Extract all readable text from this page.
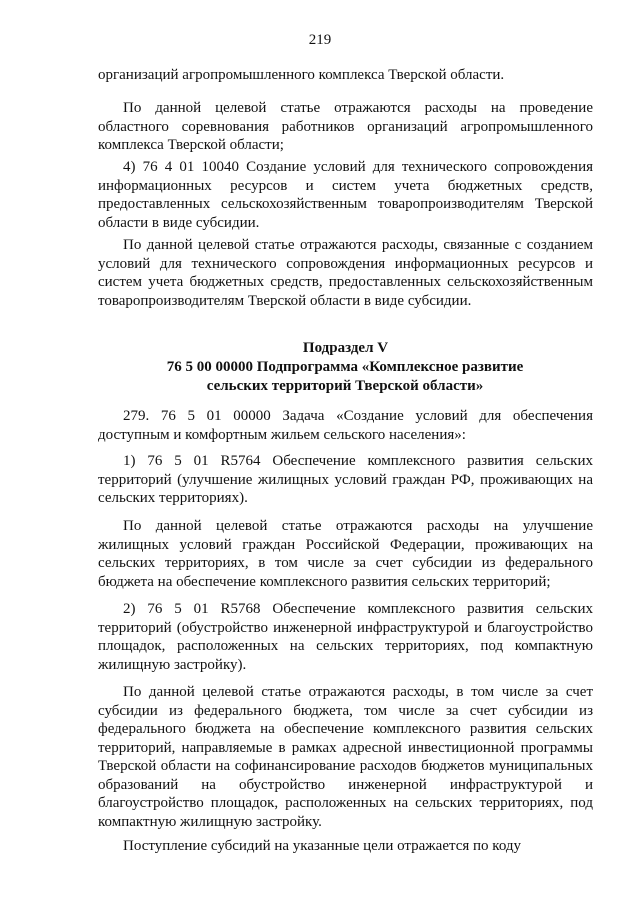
219

организаций агропромышленного комплекса Тверской области.

По данной целевой статье отражаются расходы на проведение областного соревнования работников организаций агропромышленного комплекса Тверской области;

4) 76 4 01 10040 Создание условий для технического сопровождения информационных ресурсов и систем учета бюджетных средств, предоставленных сельскохозяйственным товаропроизводителям Тверской области в виде субсидии.

По данной целевой статье отражаются расходы, связанные с созданием условий для технического сопровождения информационных ресурсов и систем учета бюджетных средств, предоставленных сельскохозяйственным товаропроизводителям Тверской области в виде субсидии.

Подраздел V

76 5 00 00000 Подпрограмма «Комплексное развитие сельских территорий Тверской области»

279. 76 5 01 00000 Задача «Создание условий для обеспечения доступным и комфортным жильем сельского населения»:

1) 76 5 01 R5764 Обеспечение комплексного развития сельских территорий (улучшение жилищных условий граждан РФ, проживающих на сельских территориях).

По данной целевой статье отражаются расходы на улучшение жилищных условий граждан Российской Федерации, проживающих на сельских территориях, в том числе за счет субсидии из федерального бюджета на обеспечение комплексного развития сельских территорий;

2) 76 5 01 R5768 Обеспечение комплексного развития сельских территорий (обустройство инженерной инфраструктурой и благоустройство площадок, расположенных на сельских территориях, под компактную жилищную застройку).

По данной целевой статье отражаются расходы, в том числе за счет субсидии из федерального бюджета, том числе за счет субсидии из федерального бюджета на обеспечение комплексного развития сельских территорий, направляемые в рамках адресной инвестиционной программы Тверской области на софинансирование расходов бюджетов муниципальных образований на обустройство инженерной инфраструктурой и благоустройство площадок, расположенных на сельских территориях, под компактную жилищную застройку.

Поступление субсидий на указанные цели отражается по коду
